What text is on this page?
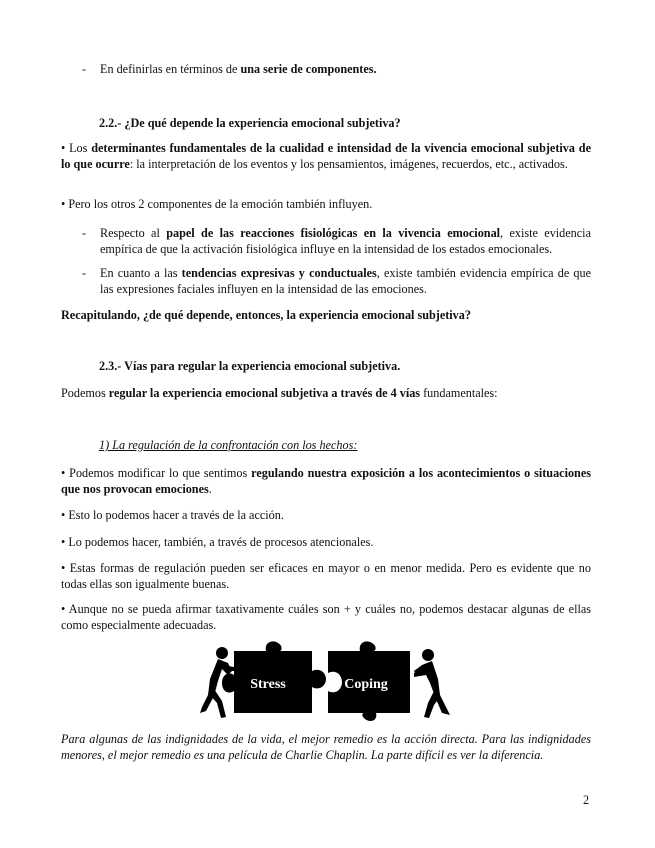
- En definirlas en términos de una serie de componentes.

2.2.- ¿De qué depende la experiencia emocional subjetiva?

• Los determinantes fundamentales de la cualidad e intensidad de la vivencia emocional subjetiva de lo que ocurre: la interpretación de los eventos y los pensamientos, imágenes, recuerdos, etc., activados.

• Pero los otros 2 componentes de la emoción también influyen.

- Respecto al papel de las reacciones fisiológicas en la vivencia emocional, existe evidencia empírica de que la activación fisiológica influye en la intensidad de los estados emocionales.

- En cuanto a las tendencias expresivas y conductuales, existe también evidencia empírica de que las expresiones faciales influyen en la intensidad de las emociones.

Recapitulando, ¿de qué depende, entonces, la experiencia emocional subjetiva?

2.3.- Vías para regular la experiencia emocional subjetiva.

Podemos regular la experiencia emocional subjetiva a través de 4 vías fundamentales:

1) La regulación de la confrontación con los hechos:

• Podemos modificar lo que sentimos regulando nuestra exposición a los acontecimientos o situaciones que nos provocan emociones.

• Esto lo podemos hacer a través de la acción.

• Lo podemos hacer, también, a través de procesos atencionales.

• Estas formas de regulación pueden ser eficaces en mayor o en menor medida. Pero es evidente que no todas ellas son igualmente buenas.

• Aunque no se pueda afirmar taxativamente cuáles son + y cuáles no, podemos destacar algunas de ellas como especialmente adecuadas.

Stress	Coping

Para algunas de las indignidades de la vida, el mejor remedio es la acción directa. Para las indignidades menores, el mejor remedio es una película de Charlie Chaplin. La parte difícil es ver la diferencia.

2
